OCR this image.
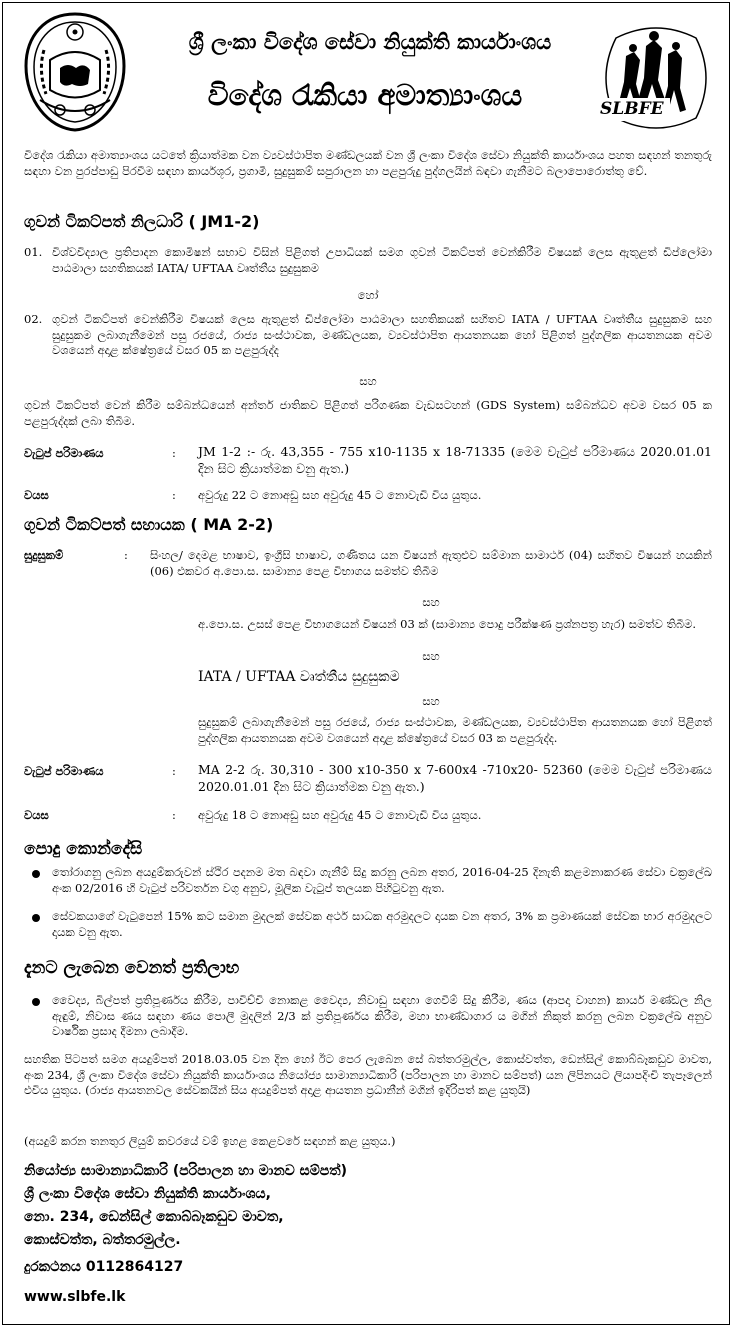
ශ්‍රී ලංකා විදේශ සේවා නියුක්ති කාර්යාංශය
විදේශ රැකියා අමාත්‍යාංශය	SLBFE
විදේශ රැකියා අමාත්‍යාංශය යටතේ ක්‍රියාත්මක වන ව්‍යවස්ථාපිත මණ්ඩලයක් වන ශ්‍රී ලංකා විදේශ සේවා නියුක්ති කාර්යාංශය පහත සඳහන් තනතුරු සඳහා වන පුරප්පාඩු පිරවීම සඳහා කාර්යශූර, ප්‍රගාමී, සුදුසුකම් සපුරාලන හා පළපුරුදු පුද්ගලයින් බඳවා ගැනීමට බලාපොරොත්තු වේ.
ගුවන් ටිකට්පත් නිලධාරි ( JM1-2)
01. විශ්වවිද්‍යාල ප්‍රතිපාදන කොමිෂන් සභාව විසින් පිළිගත් උපාධියක් සමග ගුවන් ටිකට්පත් වෙන්කිරීම විෂයක් ලෙස ඇතුළත් ඩිප්ලෝමා පාඨමාලා සහතිකයක් IATA/ UFTAA වෘත්තීය සුදුසුකම
හෝ
02. ගුවන් ටිකට්පත් වෙන්කිරීම විෂයක් ලෙස ඇතුළත් ඩිප්ලෝමා පාඨමාලා සහතිකයක් සහිතව IATA / UFTAA වෘත්තීය සුදුසුකම සහ සුදුසුකම ලබාගැනීමෙන් පසු රජයේ, රාජ්‍ය සංස්ථාවක, මණ්ඩලයක, ව්‍යවස්ථාපිත ආයතනයක හෝ පිළිගත් පුද්ගලික ආයතනයක අවම වශයෙන් අදාළ ක්ෂේත්‍රයේ වසර 05 ක පළපුරුද්ද
සහ
ගුවන් ටිකට්පත් වෙන් කිරීම සම්බන්ධයෙන් අන්තර් ජාතිකව පිළිගත් පරිගණක වැඩසටහන් (GDS System) සම්බන්ධව අවම වසර 05 ක පළපුරුද්දක් ලබා තිබීම.
වැටුප් පරිමාණය	: JM 1-2 :- රු. 43,355 - 755 x10-1135 x 18-71335 (මෙම වැටුප් පරිමාණය 2020.01.01 දින සිට ක්‍රියාත්මක වනු ඇත.)
වයස	: අවුරුදු 22 ට නොඅඩු සහ අවුරුදු 45 ට නොවැඩි විය යුතුය.
ගුවන් ටිකට්පත් සහායක ( MA 2-2)
සුදුසුකම්	: සිංහල/ දෙමළ භාෂාව, ඉංග්‍රීසි භාෂාව, ගණිතය යන විෂයන් ඇතුළුව සම්මාන සාමාර්ථ (04) සහිතව විෂයන් හයකින් (06) එකවර අ.පො.ස. සාමාන්‍ය පෙළ විභාගය සමත්ව තිබීම
සහ
අ.පො.ස. උසස් පෙළ විභාගයෙන් විෂයන් 03 ක් (සාමාන්‍ය පොදු පරීක්ෂණ ප්‍රශ්නපත්‍ර හැර) සමත්ව තිබීම.
සහ
IATA / UFTAA වෘත්තීය සුදුසුකම
සහ
සුදුසුකම් ලබාගැනීමෙන් පසු රජයේ, රාජ්‍ය සංස්ථාවක, මණ්ඩලයක, ව්‍යවස්ථාපිත ආයතනයක හෝ පිළිගත් පුද්ගලික ආයතනයක අවම වශයෙන් අදාළ ක්ෂේත්‍රයේ වසර 03 ක පළපුරුද්ද.
වැටුප් පරිමාණය	: MA 2-2 රු. 30,310 - 300 x10-350 x 7-600x4 -710x20- 52360 (මෙම වැටුප් පරිමාණය 2020.01.01 දින සිට ක්‍රියාත්මක වනු ඇත.)
වයස	: අවුරුදු 18 ට නොඅඩු සහ අවුරුදු 45 ට නොවැඩි විය යුතුය.
පොදු කොන්දේසි
තෝරාගනු ලබන අයදුම්කරුවන් ස්ථිර පදනම මත බඳවා ගැනීම් සිදු කරනු ලබන අතර, 2016-04-25 දිනැති කළමනාකරණ සේවා චක්‍රලේඛ අංක 02/2016 හි වැටුප් පරිවර්තන වගු අනුව, මූලික වැටුප් තලයක පිහිටුවනු ඇත.
සේවකයාගේ වැටුපෙන් 15% කට සමාන මුදලක් සේවක අර්ථ සාධක අරමුදලට දායක වන අතර, 3% ක ප්‍රමාණයක් සේවක භාර අරමුදලට දායක වනු ඇත.
දැනට ලැබෙන වෙනත් ප්‍රතිලාභ
වෛද්‍ය, බිල්පත් ප්‍රතිපූර්ණය කිරීම, පාවිච්චි නොකළ වෛද්‍ය, නිවාඩු සඳහා ගෙවීම් සිදු කිරීම, ණය (ආපදා වාහන) කාර්ය මණ්ඩල නිල ඇඳුම්, නිවාස ණය සඳහා ණය පොලී මුදලින් 2/3 ක් ප්‍රතිපූර්ණය කිරීම, මහා භාණ්ඩාගාර ය මගින් නිකුත් කරනු ලබන චක්‍රලේඛ අනුව වාර්ෂික ප්‍රසාද දීමනා ලබාදීම.
සහතික පිටපත් සමග අයදුම්පත් 2018.03.05 වන දින හෝ ඊට පෙර ලැබෙන සේ බත්තරමුල්ල, කොස්වත්ත, ඩෙන්සිල් කොබ්බෑකඩුව මාවත, අංක 234, ශ්‍රී ලංකා විදේශ සේවා නියුක්ති කාර්යාංශය නියෝජ්‍ය සාමාන්‍යාධිකාරි (පරිපාලන හා මානව සම්පත්) යන ලිපිනයට ලියාපදිංචි තැපෑලෙන් එවිය යුතුය. (රාජ්‍ය ආයතනවල සේවකයින් සිය අයදුම්පත් අදාළ ආයතන ප්‍රධානීන් මගින් ඉදිරිපත් කළ යුතුයි)
(අයදුම් කරන තනතුර ලියුම් කවරයේ වම් ඉහළ කෙළවරේ සඳහන් කළ යුතුය.)
නියෝජ්‍ය සාමාන්‍යාධිකාරි (පරිපාලන හා මානව සම්පත්)
ශ්‍රී ලංකා විදේශ සේවා නියුක්ති කාර්යාංශය,
නො. 234, ඩෙන්සිල් කොබ්බෑකඩුව මාවත,
කොස්වත්ත, බත්තරමුල්ල.
දුරකථනය 0112864127
www.slbfe.lk
